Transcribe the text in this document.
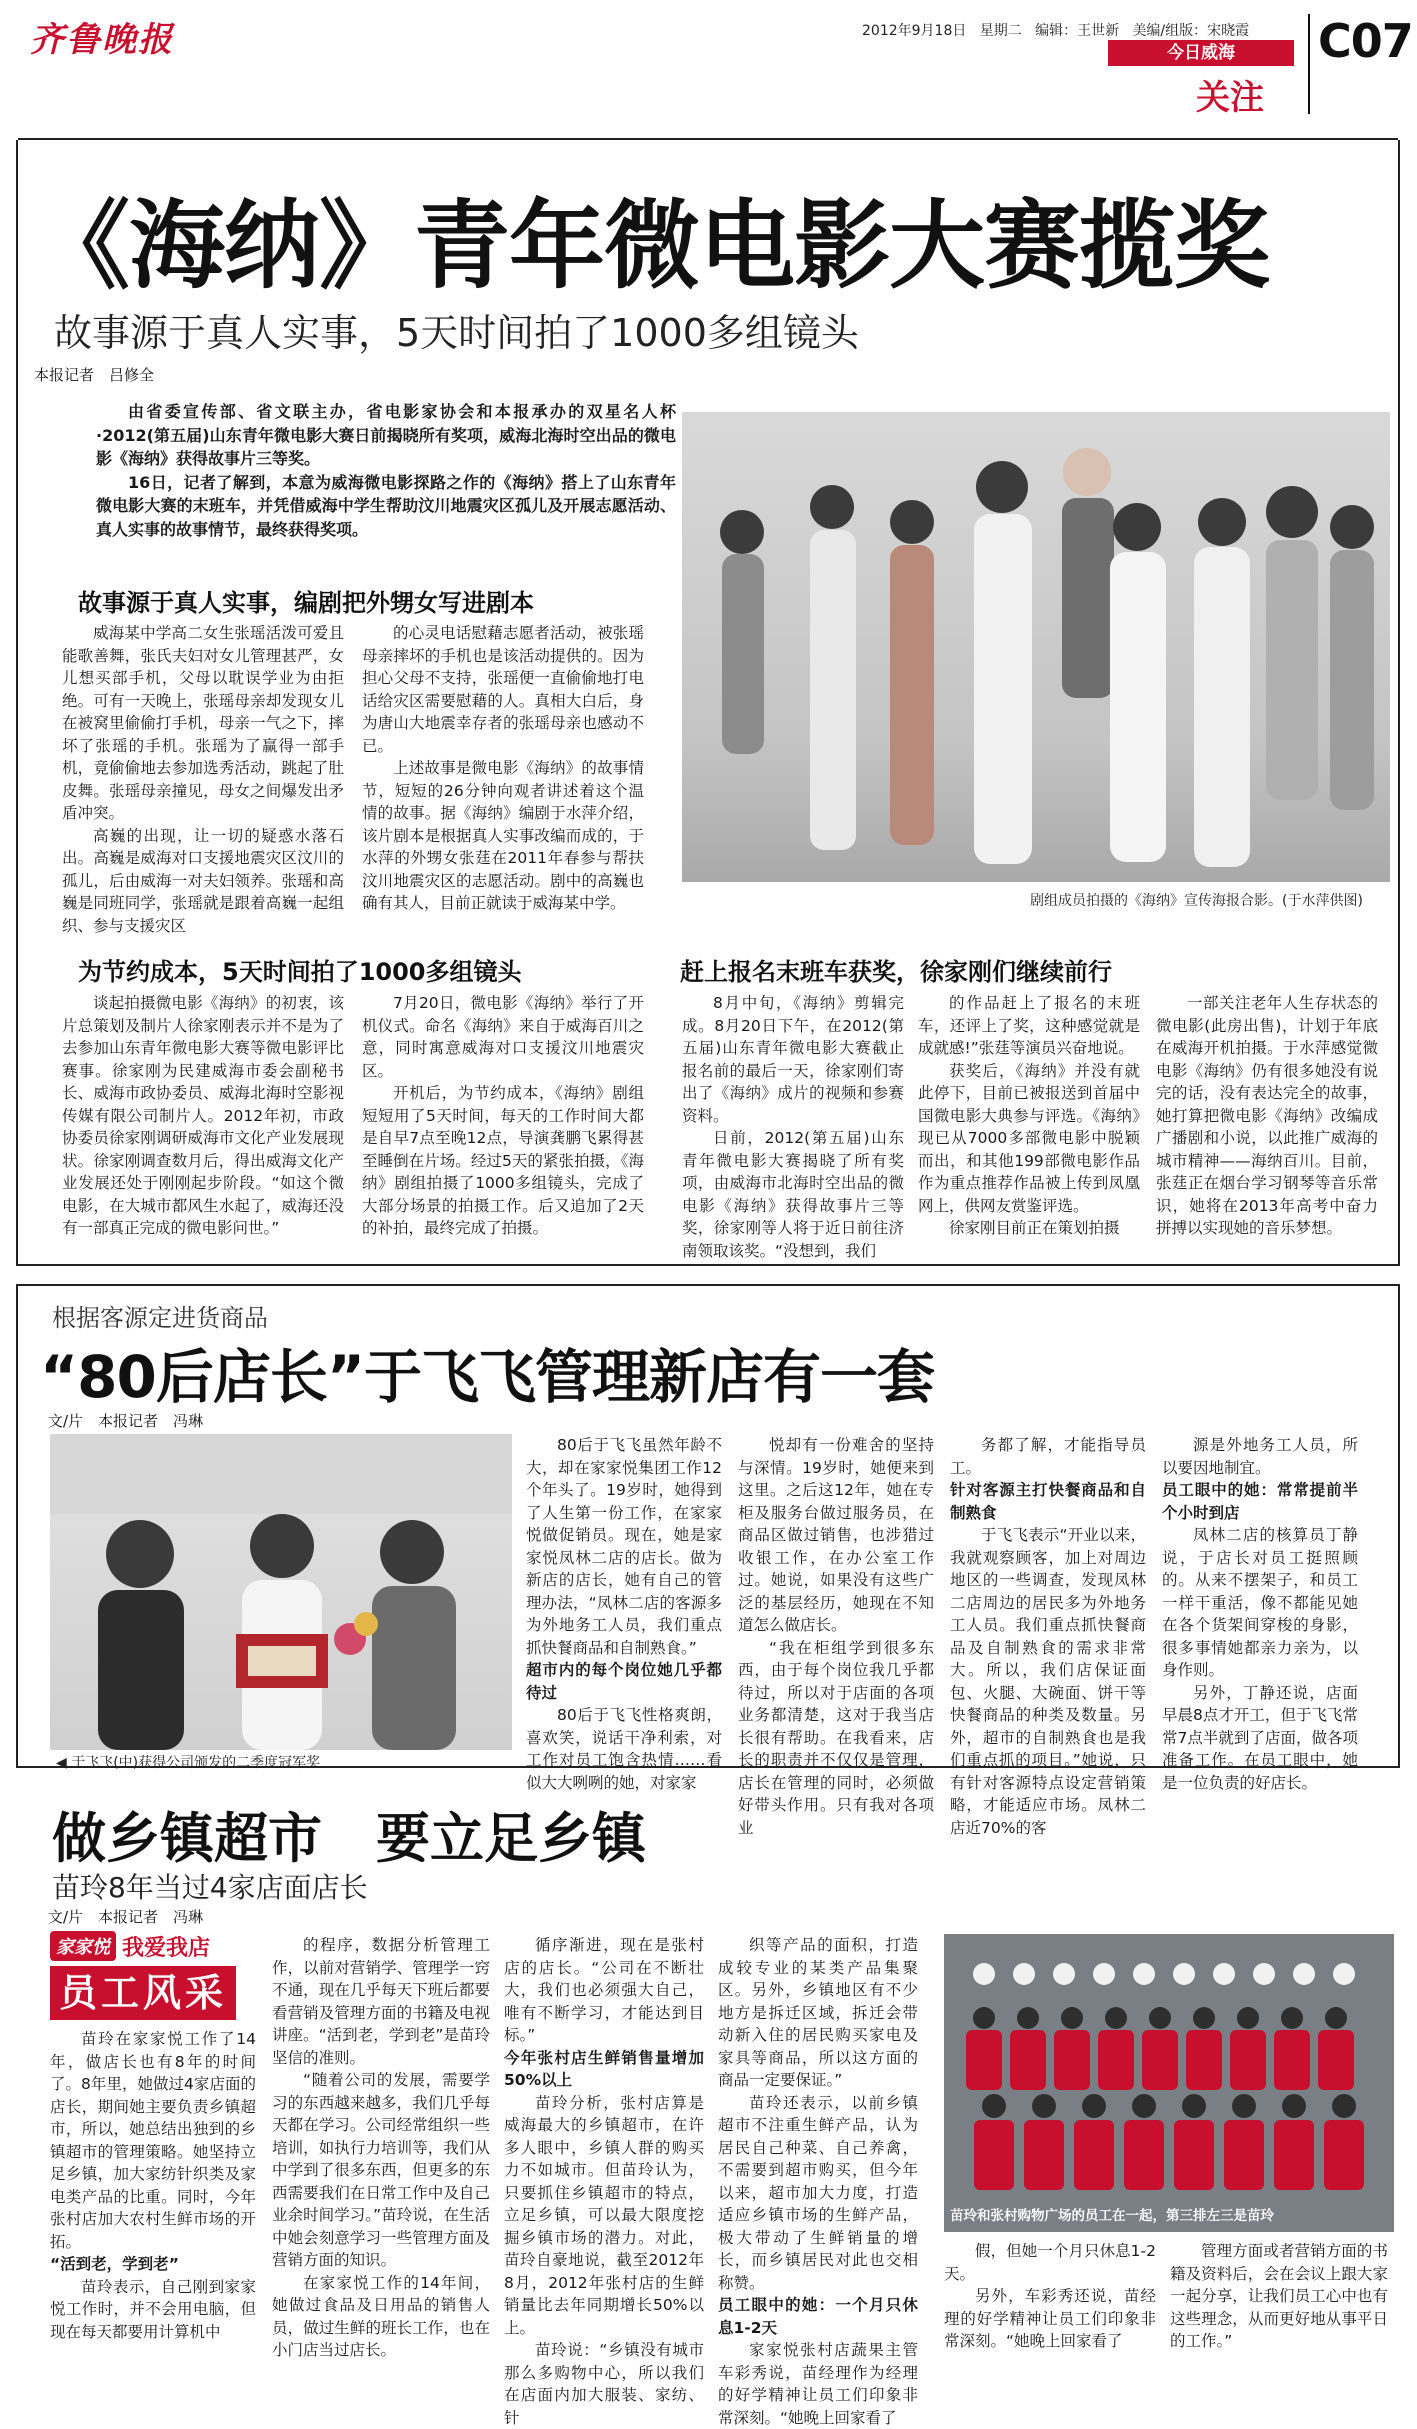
齐鲁晚报	2012年9月18日 星期二 编辑：王世新 美编/组版：宋晓霞
今日威海
关注
C07
《海纳》青年微电影大赛揽奖
故事源于真人实事，5天时间拍了1000多组镜头
本报记者　吕修全

由省委宣传部、省文联主办，省电影家协会和本报承办的双星名人杯·2012(第五届)山东青年微电影大赛日前揭晓所有奖项，威海北海时空出品的微电影《海纳》获得故事片三等奖。

16日，记者了解到，本意为威海微电影探路之作的《海纳》搭上了山东青年微电影大赛的末班车，并凭借威海中学生帮助汶川地震灾区孤儿及开展志愿活动、真人实事的故事情节，最终获得奖项。

剧组成员拍摄的《海纳》宣传海报合影。(于水萍供图)
故事源于真人实事，编剧把外甥女写进剧本

威海某中学高二女生张瑶活泼可爱且能歌善舞，张氏夫妇对女儿管理甚严，女儿想买部手机，父母以耽误学业为由拒绝。可有一天晚上，张瑶母亲却发现女儿在被窝里偷偷打手机，母亲一气之下，摔坏了张瑶的手机。张瑶为了赢得一部手机，竟偷偷地去参加选秀活动，跳起了肚皮舞。张瑶母亲撞见，母女之间爆发出矛盾冲突。

高巍的出现，让一切的疑惑水落石出。高巍是威海对口支援地震灾区汶川的孤儿，后由威海一对夫妇领养。张瑶和高巍是同班同学，张瑶就是跟着高巍一起组织、参与支援灾区

的心灵电话慰藉志愿者活动，被张瑶母亲摔坏的手机也是该活动提供的。因为担心父母不支持，张瑶便一直偷偷地打电话给灾区需要慰藉的人。真相大白后，身为唐山大地震幸存者的张瑶母亲也感动不已。

上述故事是微电影《海纳》的故事情节，短短的26分钟向观者讲述着这个温情的故事。据《海纳》编剧于水萍介绍，该片剧本是根据真人实事改编而成的，于水萍的外甥女张莛在2011年春参与帮扶汶川地震灾区的志愿活动。剧中的高巍也确有其人，目前正就读于威海某中学。

为节约成本，5天时间拍了1000多组镜头

谈起拍摄微电影《海纳》的初衷，该片总策划及制片人徐家刚表示并不是为了去参加山东青年微电影大赛等微电影评比赛事。徐家刚为民建威海市委会副秘书长、威海市政协委员、威海北海时空影视传媒有限公司制片人。2012年初，市政协委员徐家刚调研威海市文化产业发展现状。徐家刚调查数月后，得出威海文化产业发展还处于刚刚起步阶段。“如这个微电影，在大城市都风生水起了，威海还没有一部真正完成的微电影问世。”

7月20日，微电影《海纳》举行了开机仪式。命名《海纳》来自于威海百川之意，同时寓意威海对口支援汶川地震灾区。

开机后，为节约成本，《海纳》剧组短短用了5天时间，每天的工作时间大都是自早7点至晚12点，导演龚鹏飞累得甚至睡倒在片场。经过5天的紧张拍摄，《海纳》剧组拍摄了1000多组镜头，完成了大部分场景的拍摄工作。后又追加了2天的补拍，最终完成了拍摄。

赶上报名末班车获奖，徐家刚们继续前行

8月中旬，《海纳》剪辑完成。8月20日下午，在2012(第五届)山东青年微电影大赛截止报名前的最后一天，徐家刚们寄出了《海纳》成片的视频和参赛资料。

日前，2012(第五届)山东青年微电影大赛揭晓了所有奖项，由威海市北海时空出品的微电影《海纳》获得故事片三等奖，徐家刚等人将于近日前往济南领取该奖。“没想到，我们

的作品赶上了报名的末班车，还评上了奖，这种感觉就是成就感!”张莛等演员兴奋地说。

获奖后，《海纳》并没有就此停下，目前已被报送到首届中国微电影大典参与评选。《海纳》现已从7000多部微电影中脱颖而出，和其他199部微电影作品作为重点推荐作品被上传到凤凰网上，供网友赏鉴评选。

徐家刚目前正在策划拍摄

一部关注老年人生存状态的微电影(此房出售)，计划于年底在威海开机拍摄。于水萍感觉微电影《海纳》仍有很多她没有说完的话，没有表达完全的故事，她打算把微电影《海纳》改编成广播剧和小说，以此推广威海的城市精神——海纳百川。目前，张莛正在烟台学习钢琴等音乐常识，她将在2013年高考中奋力拼搏以实现她的音乐梦想。

根据客源定进货商品
“80后店长”于飞飞管理新店有一套
文/片　本报记者　冯琳
◀ 于飞飞(中)获得公司颁发的二季度冠军奖

80后于飞飞虽然年龄不大，却在家家悦集团工作12个年头了。19岁时，她得到了人生第一份工作，在家家悦做促销员。现在，她是家家悦凤林二店的店长。做为新店的店长，她有自己的管理办法，“凤林二店的客源多为外地务工人员，我们重点抓快餐商品和自制熟食。”

超市内的每个岗位她几乎都待过

80后于飞飞性格爽朗，喜欢笑，说话干净利索，对工作对员工饱含热情……看似大大咧咧的她，对家家

悦却有一份难舍的坚持与深情。19岁时，她便来到这里。之后这12年，她在专柜及服务台做过服务员，在商品区做过销售，也涉猎过收银工作，在办公室工作过。她说，如果没有这些广泛的基层经历，她现在不知道怎么做店长。

“我在柜组学到很多东西，由于每个岗位我几乎都待过，所以对于店面的各项业务都清楚，这对于我当店长很有帮助。在我看来，店长的职责并不仅仅是管理，店长在管理的同时，必须做好带头作用。只有我对各项业

务都了解，才能指导员工。

针对客源主打快餐商品和自制熟食

于飞飞表示“开业以来，我就观察顾客，加上对周边地区的一些调查，发现凤林二店周边的居民多为外地务工人员。我们重点抓快餐商品及自制熟食的需求非常大。所以，我们店保证面包、火腿、大碗面、饼干等快餐商品的种类及数量。另外，超市的自制熟食也是我们重点抓的项目。”她说，只有针对客源特点设定营销策略，才能适应市场。凤林二店近70%的客

源是外地务工人员，所以要因地制宜。

员工眼中的她：常常提前半个小时到店

凤林二店的核算员丁静说，于店长对员工挺照顾的。从来不摆架子，和员工一样干重活，像不都能见她在各个货架间穿梭的身影，很多事情她都亲力亲为，以身作则。

另外，丁静还说，店面早晨8点才开工，但于飞飞常常7点半就到了店面，做各项准备工作。在员工眼中，她是一位负责的好店长。

做乡镇超市　要立足乡镇
苗玲8年当过4家店面店长
文/片　本报记者　冯琳
家家悦 我爱我店
员工风采

苗玲在家家悦工作了14年，做店长也有8年的时间了。8年里，她做过4家店面的店长，期间她主要负责乡镇超市，所以，她总结出独到的乡镇超市的管理策略。她坚持立足乡镇，加大家纺针织类及家电类产品的比重。同时，今年张村店加大农村生鲜市场的开拓。

“活到老，学到老”

苗玲表示，自己刚到家家悦工作时，并不会用电脑，但现在每天都要用计算机中

的程序，数据分析管理工作，以前对营销学、管理学一窍不通，现在几乎每天下班后都要看营销及管理方面的书籍及电视讲座。“活到老，学到老”是苗玲坚信的准则。

“随着公司的发展，需要学习的东西越来越多，我们几乎每天都在学习。公司经常组织一些培训，如执行力培训等，我们从中学到了很多东西，但更多的东西需要我们在日常工作中及自己业余时间学习。”苗玲说，在生活中她会刻意学习一些管理方面及营销方面的知识。

在家家悦工作的14年间，她做过食品及日用品的销售人员，做过生鲜的班长工作，也在小门店当过店长。

循序渐进，现在是张村店的店长。“公司在不断壮大，我们也必须强大自己，唯有不断学习，才能达到目标。”

今年张村店生鲜销售量增加50%以上

苗玲分析，张村店算是威海最大的乡镇超市，在许多人眼中，乡镇人群的购买力不如城市。但苗玲认为，只要抓住乡镇超市的特点，立足乡镇，可以最大限度挖掘乡镇市场的潜力。对此，苗玲自豪地说，截至2012年8月，2012年张村店的生鲜销量比去年同期增长50%以上。

苗玲说：“乡镇没有城市那么多购物中心，所以我们在店面内加大服装、家纺、针

织等产品的面积，打造成较专业的某类产品集聚区。另外，乡镇地区有不少地方是拆迁区域，拆迁会带动新入住的居民购买家电及家具等商品，所以这方面的商品一定要保证。”

苗玲还表示，以前乡镇超市不注重生鲜产品，认为居民自己种菜、自己养禽，不需要到超市购买，但今年以来，超市加大力度，打造适应乡镇市场的生鲜产品，极大带动了生鲜销量的增长，而乡镇居民对此也交相称赞。

员工眼中的她：一个月只休息1-2天

家家悦张村店蔬果主管车彩秀说，苗经理作为经理的好学精神让员工们印象非常深刻。“她晚上回家看了

苗玲和张村购物广场的员工在一起，第三排左三是苗玲

假，但她一个月只休息1-2天。

另外，车彩秀还说，苗经理的好学精神让员工们印象非常深刻。“她晚上回家看了

管理方面或者营销方面的书籍及资料后，会在会议上跟大家一起分享，让我们员工心中也有这些理念，从而更好地从事平日的工作。”
